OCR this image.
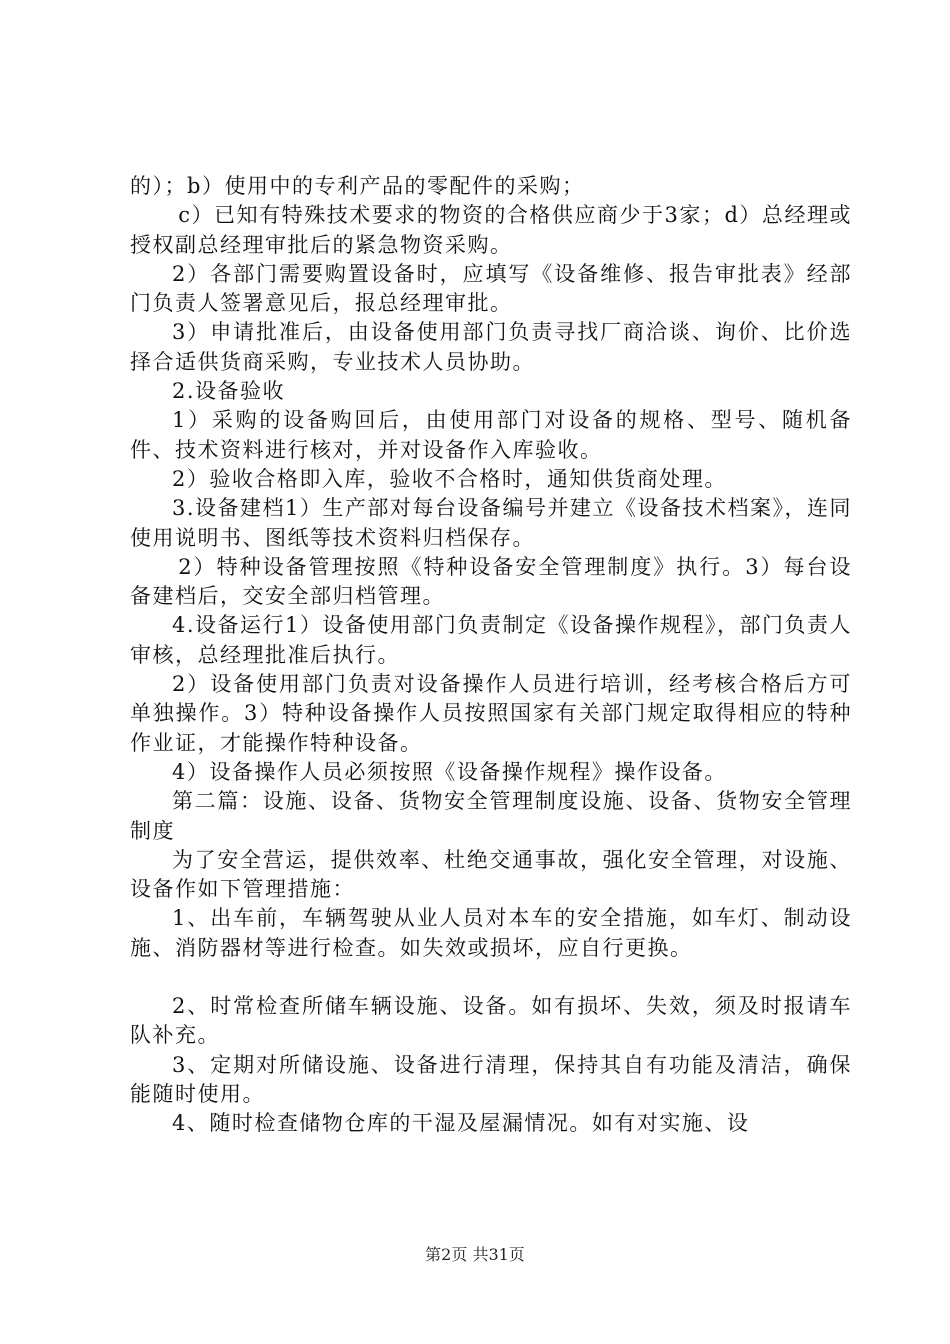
的）；b）使用中的专利产品的零配件的采购；

c）已知有特殊技术要求的物资的合格供应商少于3家；d）总经理或授权副总经理审批后的紧急物资采购。

2）各部门需要购置设备时，应填写《设备维修、报告审批表》经部门负责人签署意见后，报总经理审批。

3）申请批准后，由设备使用部门负责寻找厂商洽谈、询价、比价选择合适供货商采购，专业技术人员协助。

2.设备验收

1）采购的设备购回后，由使用部门对设备的规格、型号、随机备件、技术资料进行核对，并对设备作入库验收。

2）验收合格即入库，验收不合格时，通知供货商处理。

3.设备建档1）生产部对每台设备编号并建立《设备技术档案》，连同使用说明书、图纸等技术资料归档保存。

2）特种设备管理按照《特种设备安全管理制度》执行。3）每台设备建档后，交安全部归档管理。

4.设备运行1）设备使用部门负责制定《设备操作规程》，部门负责人审核，总经理批准后执行。

2）设备使用部门负责对设备操作人员进行培训，经考核合格后方可单独操作。3）特种设备操作人员按照国家有关部门规定取得相应的特种作业证，才能操作特种设备。

4）设备操作人员必须按照《设备操作规程》操作设备。

第二篇：设施、设备、货物安全管理制度设施、设备、货物安全管理制度

为了安全营运，提供效率、杜绝交通事故，强化安全管理，对设施、设备作如下管理措施：

1、出车前，车辆驾驶从业人员对本车的安全措施，如车灯、制动设施、消防器材等进行检查。如失效或损坏，应自行更换。

2、时常检查所储车辆设施、设备。如有损坏、失效，须及时报请车队补充。

3、定期对所储设施、设备进行清理，保持其自有功能及清洁，确保能随时使用。

4、随时检查储物仓库的干湿及屋漏情况。如有对实施、设

第2页 共31页
